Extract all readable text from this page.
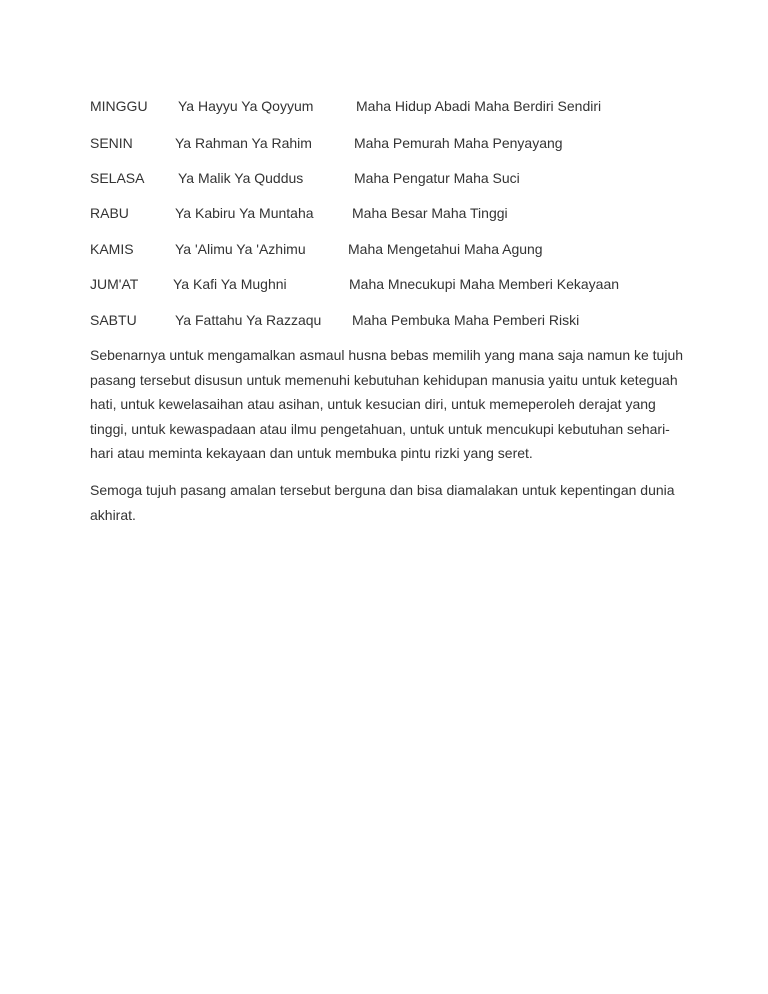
MINGGU Ya Hayyu Ya Qoyyum	Maha Hidup Abadi Maha Berdiri Sendiri
SENIN	Ya Rahman Ya Rahim	Maha Pemurah Maha Penyayang
SELASA Ya Malik Ya Quddus	Maha Pengatur Maha Suci
RABU	Ya Kabiru Ya Muntaha	Maha Besar Maha Tinggi
KAMIS	Ya 'Alimu Ya 'Azhimu	Maha Mengetahui Maha Agung
JUM'AT Ya Kafi Ya Mughni	Maha Mnecukupi Maha Memberi Kekayaan
SABTU	Ya Fattahu Ya Razzaqu Maha Pembuka Maha Pemberi Riski

Sebenarnya untuk mengamalkan asmaul husna bebas memilih yang mana saja namun ke tujuh
pasang tersebut disusun untuk memenuhi kebutuhan kehidupan manusia yaitu untuk keteguah
hati, untuk kewelasaihan atau asihan, untuk kesucian diri, untuk memeperoleh derajat yang
tinggi, untuk kewaspadaan atau ilmu pengetahuan, untuk untuk mencukupi kebutuhan sehari-
hari atau meminta kekayaan dan untuk membuka pintu rizki yang seret.

Semoga tujuh pasang amalan tersebut berguna dan bisa diamalakan untuk kepentingan dunia
akhirat.
